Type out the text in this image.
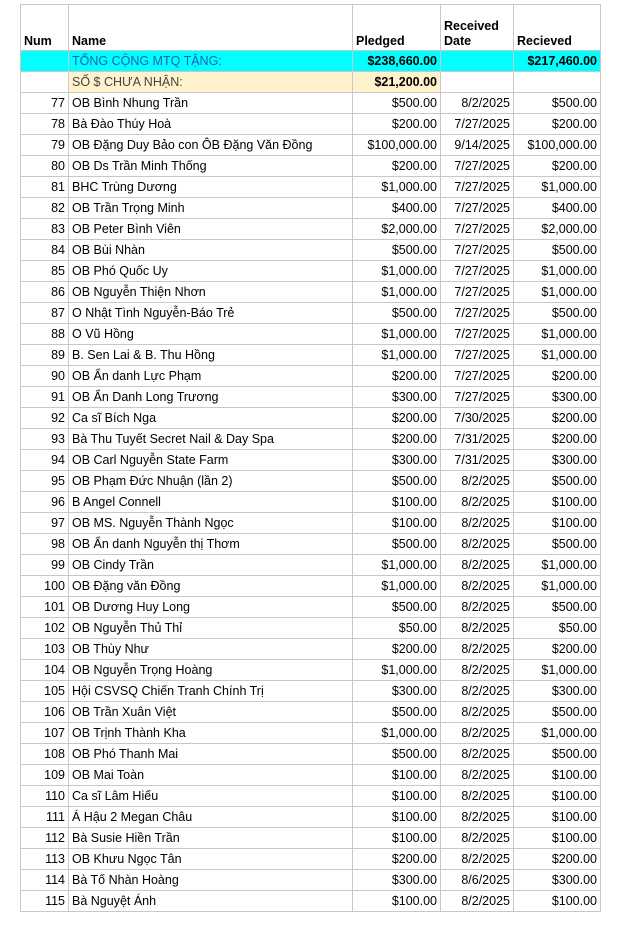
Num	Name	Pledged	Received Date	Recieved
	TỔNG CỘNG MTQ TẶNG:	$238,660.00		$217,460.00
	SỐ $ CHƯA NHẬN:	$21,200.00		
77	OB Bình Nhung Trần	$500.00	8/2/2025	$500.00
78	Bà Đào Thúy Hoà	$200.00	7/27/2025	$200.00
79	OB Đặng Duy Bảo con ÔB Đặng Văn Đồng	$100,000.00	9/14/2025	$100,000.00
80	OB Ds Trần Minh Thống	$200.00	7/27/2025	$200.00
81	BHC Trùng Dương	$1,000.00	7/27/2025	$1,000.00
82	OB Trần Trọng Minh	$400.00	7/27/2025	$400.00
83	OB Peter Bình Viên	$2,000.00	7/27/2025	$2,000.00
84	OB Bùi Nhàn	$500.00	7/27/2025	$500.00
85	OB Phó Quốc Uy	$1,000.00	7/27/2025	$1,000.00
86	OB Nguyễn Thiện Nhơn	$1,000.00	7/27/2025	$1,000.00
87	O Nhật Tình Nguyễn-Báo Trẻ	$500.00	7/27/2025	$500.00
88	O Vũ Hồng	$1,000.00	7/27/2025	$1,000.00
89	B. Sen Lai & B. Thu Hồng	$1,000.00	7/27/2025	$1,000.00
90	OB Ẩn danh Lực Phạm	$200.00	7/27/2025	$200.00
91	OB Ẩn Danh Long Trương	$300.00	7/27/2025	$300.00
92	Ca sĩ Bích Nga	$200.00	7/30/2025	$200.00
93	Bà Thu Tuyết Secret Nail & Day Spa	$200.00	7/31/2025	$200.00
94	OB Carl Nguyễn State Farm	$300.00	7/31/2025	$300.00
95	OB Phạm Đức Nhuận (lần 2)	$500.00	8/2/2025	$500.00
96	B Angel Connell	$100.00	8/2/2025	$100.00
97	OB MS. Nguyễn Thành Ngọc	$100.00	8/2/2025	$100.00
98	OB Ẩn danh Nguyễn thị Thơm	$500.00	8/2/2025	$500.00
99	OB Cindy Trần	$1,000.00	8/2/2025	$1,000.00
100	OB Đặng văn Đồng	$1,000.00	8/2/2025	$1,000.00
101	OB Dương Huy Long	$500.00	8/2/2025	$500.00
102	OB Nguyễn Thủ Thỉ	$50.00	8/2/2025	$50.00
103	OB Thùy Như	$200.00	8/2/2025	$200.00
104	OB Nguyễn Trọng Hoàng	$1,000.00	8/2/2025	$1,000.00
105	Hội CSVSQ Chiến Tranh Chính Trị	$300.00	8/2/2025	$300.00
106	OB Trần Xuân Việt	$500.00	8/2/2025	$500.00
107	OB Trịnh Thành Kha	$1,000.00	8/2/2025	$1,000.00
108	OB Phó Thanh Mai	$500.00	8/2/2025	$500.00
109	OB Mai Toàn	$100.00	8/2/2025	$100.00
110	Ca sĩ Lâm Hiếu	$100.00	8/2/2025	$100.00
111	Á Hậu 2 Megan Châu	$100.00	8/2/2025	$100.00
112	Bà Susie Hiền Trần	$100.00	8/2/2025	$100.00
113	OB Khưu Ngọc Tân	$200.00	8/2/2025	$200.00
114	Bà Tố Nhàn Hoàng	$300.00	8/6/2025	$300.00
115	Bà Nguyệt Ánh	$100.00	8/2/2025	$100.00
